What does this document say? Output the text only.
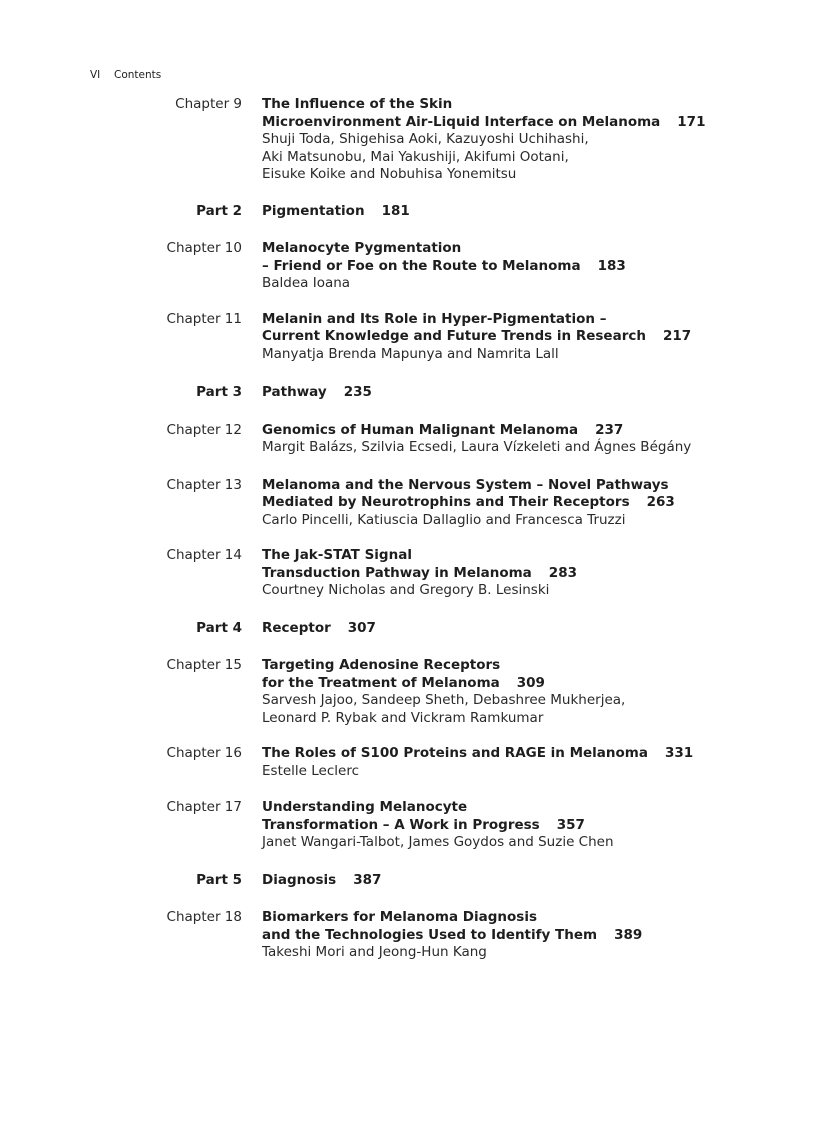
VI Contents
Chapter 9 The Influence of the Skin
Microenvironment Air-Liquid Interface on Melanoma 171
Shuji Toda, Shigehisa Aoki, Kazuyoshi Uchihashi,
Aki Matsunobu, Mai Yakushiji, Akifumi Ootani,
Eisuke Koike and Nobuhisa Yonemitsu
Part 2 Pigmentation 181
Chapter 10 Melanocyte Pygmentation
– Friend or Foe on the Route to Melanoma 183
Baldea Ioana
Chapter 11 Melanin and Its Role in Hyper-Pigmentation –
Current Knowledge and Future Trends in Research 217
Manyatja Brenda Mapunya and Namrita Lall
Part 3 Pathway 235
Chapter 12 Genomics of Human Malignant Melanoma 237
Margit Balázs, Szilvia Ecsedi, Laura Vízkeleti and Ágnes Bégány
Chapter 13 Melanoma and the Nervous System – Novel Pathways
Mediated by Neurotrophins and Their Receptors 263
Carlo Pincelli, Katiuscia Dallaglio and Francesca Truzzi
Chapter 14 The Jak-STAT Signal
Transduction Pathway in Melanoma 283
Courtney Nicholas and Gregory B. Lesinski
Part 4 Receptor 307
Chapter 15 Targeting Adenosine Receptors
for the Treatment of Melanoma 309
Sarvesh Jajoo, Sandeep Sheth, Debashree Mukherjea,
Leonard P. Rybak and Vickram Ramkumar
Chapter 16 The Roles of S100 Proteins and RAGE in Melanoma 331
Estelle Leclerc
Chapter 17 Understanding Melanocyte
Transformation – A Work in Progress 357
Janet Wangari-Talbot, James Goydos and Suzie Chen
Part 5 Diagnosis 387
Chapter 18 Biomarkers for Melanoma Diagnosis
and the Technologies Used to Identify Them 389
Takeshi Mori and Jeong-Hun Kang
